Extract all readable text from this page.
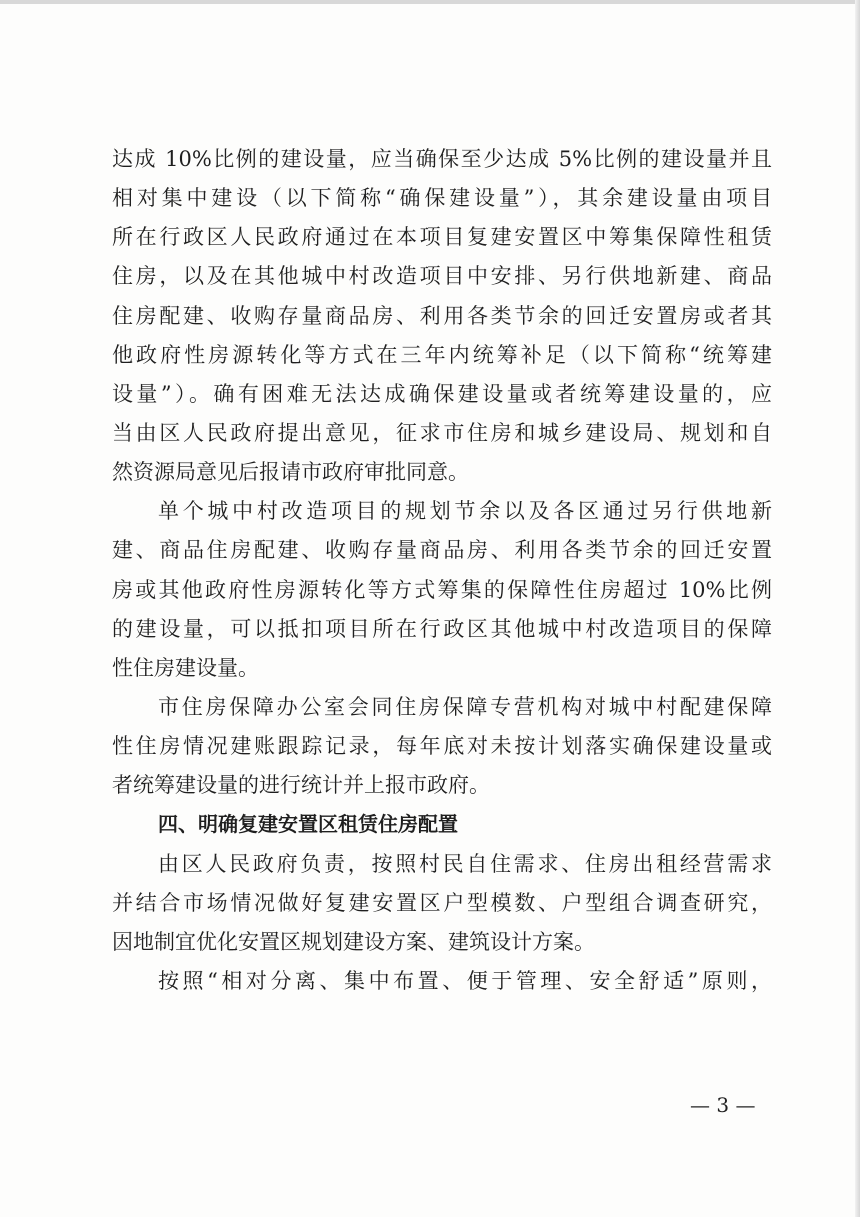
达成 10%比例的建设量，应当确保至少达成 5%比例的建设量并且
相对集中建设（以下简称“确保建设量”），其余建设量由项目
所在行政区人民政府通过在本项目复建安置区中筹集保障性租赁
住房，以及在其他城中村改造项目中安排、另行供地新建、商品
住房配建、收购存量商品房、利用各类节余的回迁安置房或者其
他政府性房源转化等方式在三年内统筹补足（以下简称“统筹建
设量”）。确有困难无法达成确保建设量或者统筹建设量的，应
当由区人民政府提出意见，征求市住房和城乡建设局、规划和自
然资源局意见后报请市政府审批同意。
单个城中村改造项目的规划节余以及各区通过另行供地新
建、商品住房配建、收购存量商品房、利用各类节余的回迁安置
房或其他政府性房源转化等方式筹集的保障性住房超过 10%比例
的建设量，可以抵扣项目所在行政区其他城中村改造项目的保障
性住房建设量。
市住房保障办公室会同住房保障专营机构对城中村配建保障
性住房情况建账跟踪记录，每年底对未按计划落实确保建设量或
者统筹建设量的进行统计并上报市政府。
四、明确复建安置区租赁住房配置
由区人民政府负责，按照村民自住需求、住房出租经营需求
并结合市场情况做好复建安置区户型模数、户型组合调查研究，
因地制宜优化安置区规划建设方案、建筑设计方案。
按照“相对分离、集中布置、便于管理、安全舒适”原则，
— 3 —
